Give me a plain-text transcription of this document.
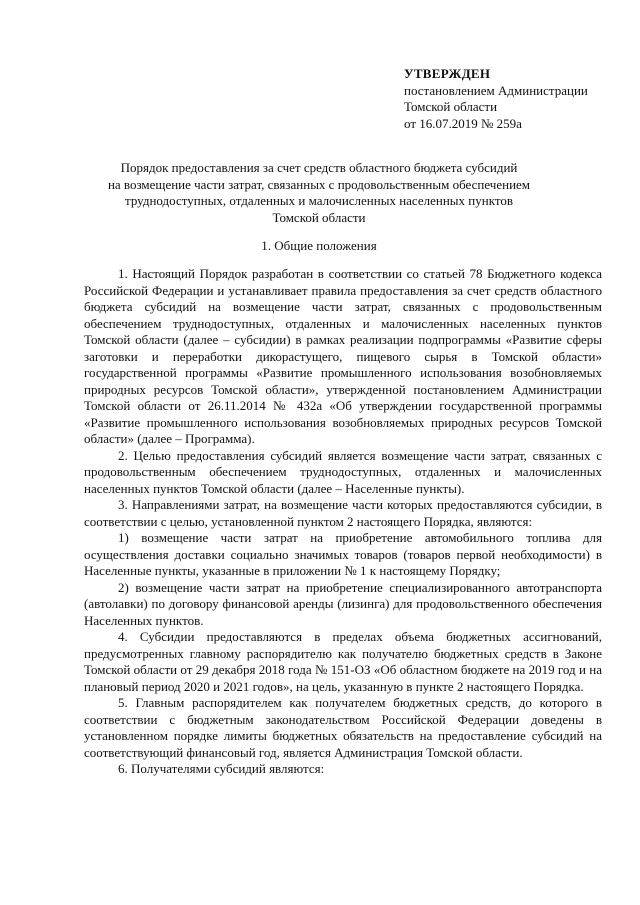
УТВЕРЖДЕН
постановлением Администрации
Томской области
от 16.07.2019 № 259а
Порядок предоставления за счет средств областного бюджета субсидий
на возмещение части затрат, связанных с продовольственным обеспечением
труднодоступных, отдаленных и малочисленных населенных пунктов
Томской области
1. Общие положения

1. Настоящий Порядок разработан в соответствии со статьей 78 Бюджетного кодекса Российской Федерации и устанавливает правила предоставления за счет средств областного бюджета субсидий на возмещение части затрат, связанных с продовольственным обеспечением труднодоступных, отдаленных и малочисленных населенных пунктов Томской области (далее – субсидии) в рамках реализации подпрограммы «Развитие сферы заготовки и переработки дикорастущего, пищевого сырья в Томской области» государственной программы «Развитие промышленного использования возобновляемых природных ресурсов Томской области», утвержденной постановлением Администрации Томской области от 26.11.2014 № 432а «Об утверждении государственной программы «Развитие промышленного использования возобновляемых природных ресурсов Томской области» (далее – Программа).

2. Целью предоставления субсидий является возмещение части затрат, связанных с продовольственным обеспечением труднодоступных, отдаленных и малочисленных населенных пунктов Томской области (далее – Населенные пункты).

3. Направлениями затрат, на возмещение части которых предоставляются субсидии, в соответствии с целью, установленной пунктом 2 настоящего Порядка, являются:

1) возмещение части затрат на приобретение автомобильного топлива для осуществления доставки социально значимых товаров (товаров первой необходимости) в Населенные пункты, указанные в приложении № 1 к настоящему Порядку;

2) возмещение части затрат на приобретение специализированного автотранспорта (автолавки) по договору финансовой аренды (лизинга) для продовольственного обеспечения Населенных пунктов.

4. Субсидии предоставляются в пределах объема бюджетных ассигнований, предусмотренных главному распорядителю как получателю бюджетных средств в Законе Томской области от 29 декабря 2018 года № 151-ОЗ «Об областном бюджете на 2019 год и на плановый период 2020 и 2021 годов», на цель, указанную в пункте 2 настоящего Порядка.

5. Главным распорядителем как получателем бюджетных средств, до которого в соответствии с бюджетным законодательством Российской Федерации доведены в установленном порядке лимиты бюджетных обязательств на предоставление субсидий на соответствующий финансовый год, является Администрация Томской области.

6. Получателями субсидий являются:
